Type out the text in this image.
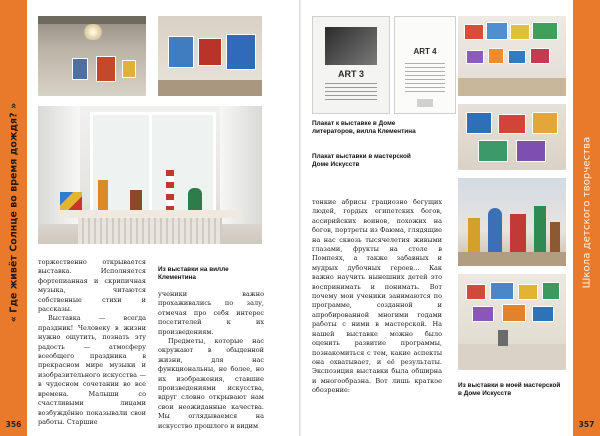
« Где живёт Солнце во время дождя? »
356
Из выставки на вилле Клементина

торжественно открывается выставка. Исполняется фортепианная и скрипичная музыка, читаются собственные стихи и рассказы.

Выставка — всегда праздник! Человеку в жизни нужно ощутить, познать эту радость — атмосферу всеобщего праздника в прекрасном мире музыки и изобразительного искусства — в чудесном сочетании во все времена. Малыши со счастливыми лицами возбуждённо показывали свои работы. Старшие

ученики важно прохаживались по залу, отмечая про себя интерес посетителей к их произведениям.

Предметы, которые нас окружают в обыденной жизни, для нас функциональны, не более, но их изображения, ставшие произведениями искусства, вдруг словно открывают нам свои неожиданные качества. Мы оглядываемся на искусство прошлого и видим

ART 3
ART 4
Плакат к выставке в Доме литераторов, вилла Клементина
Плакат выставки в мастерской Доме Искусств

тонкие абрисы грациозно бегущих людей, гордых египетских богов, ассирийских воинов, похожих на богов, портреты из Фаюма, глядящие на нас сквозь тысячелетия живыми глазами, фрукты на столе в Помпеях, а также забавных и мудрых дубочных героев... Как важно научить нынешних детей это воспринимать и понимать. Вот почему мои ученики занимаются по программе, созданной и апробированной многими годами работы с ними в мастерской. На нашей выставке можно было оценить развитие программы, познакомиться с тем, какие аспекты она охватывает, и её результаты. Экспозиция выставки была обширна и многообразна. Вот лишь краткое обозрение:

Из выставки в моей мастерской в Доме Искусств
Школа детского творчества
357
